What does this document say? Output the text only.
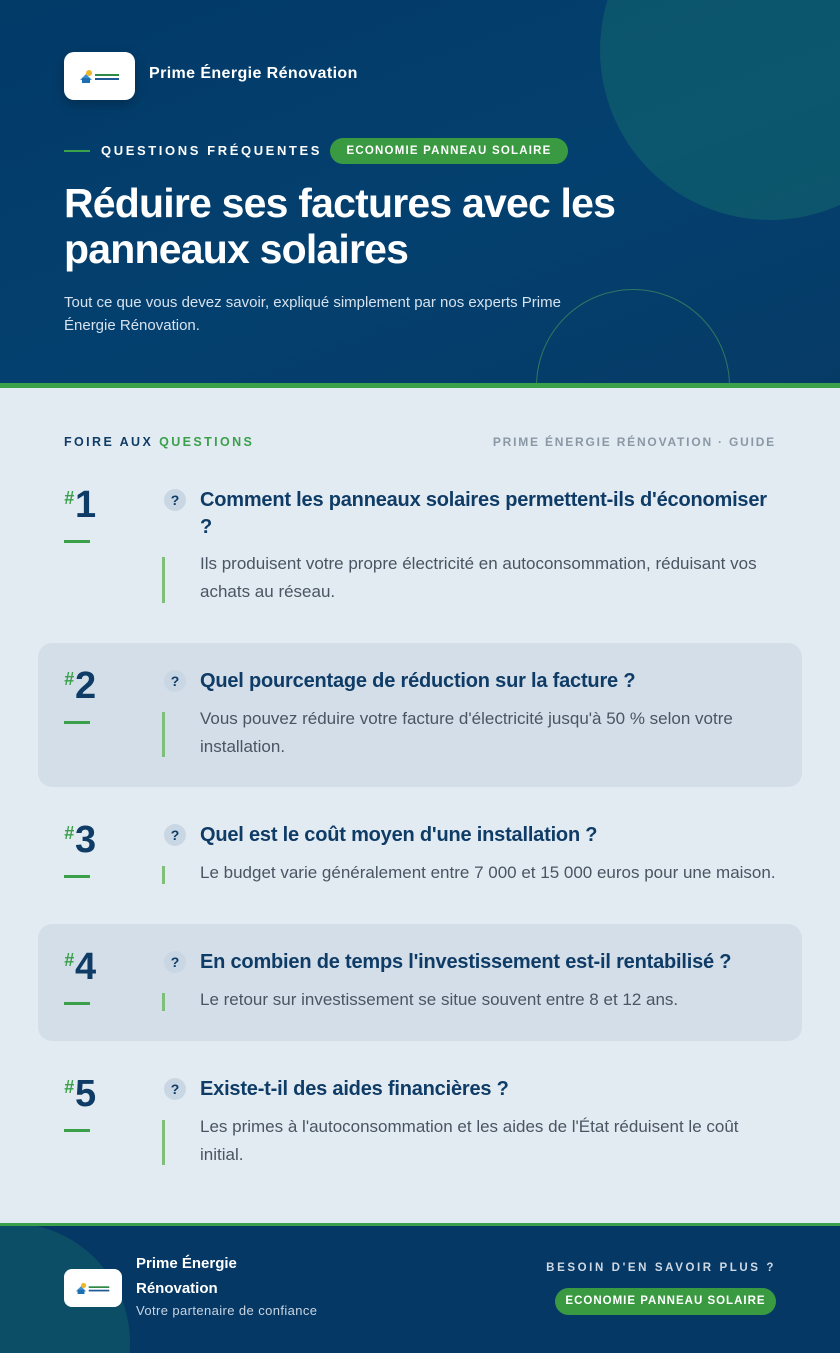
Prime Énergie Rénovation
QUESTIONS FRÉQUENTES	ECONOMIE PANNEAU SOLAIRE
Réduire ses factures avec les panneaux solaires

Tout ce que vous devez savoir, expliqué simplement par nos experts Prime Énergie Rénovation.

FOIRE AUX QUESTIONS	PRIME ÉNERGIE RÉNOVATION · GUIDE
#1	?	Comment les panneaux solaires permettent-ils d'économiser ?
Ils produisent votre propre électricité en autoconsommation, réduisant vos achats au réseau.
#2	?	Quel pourcentage de réduction sur la facture ?
Vous pouvez réduire votre facture d'électricité jusqu'à 50 % selon votre installation.
#3	?	Quel est le coût moyen d'une installation ?
Le budget varie généralement entre 7 000 et 15 000 euros pour une maison.
#4	?	En combien de temps l'investissement est-il rentabilisé ?
Le retour sur investissement se situe souvent entre 8 et 12 ans.
#5	?	Existe-t-il des aides financières ?
Les primes à l'autoconsommation et les aides de l'État réduisent le coût initial.
Prime Énergie Rénovation
Votre partenaire de confiance
BESOIN D'EN SAVOIR PLUS ?
ECONOMIE PANNEAU SOLAIRE
